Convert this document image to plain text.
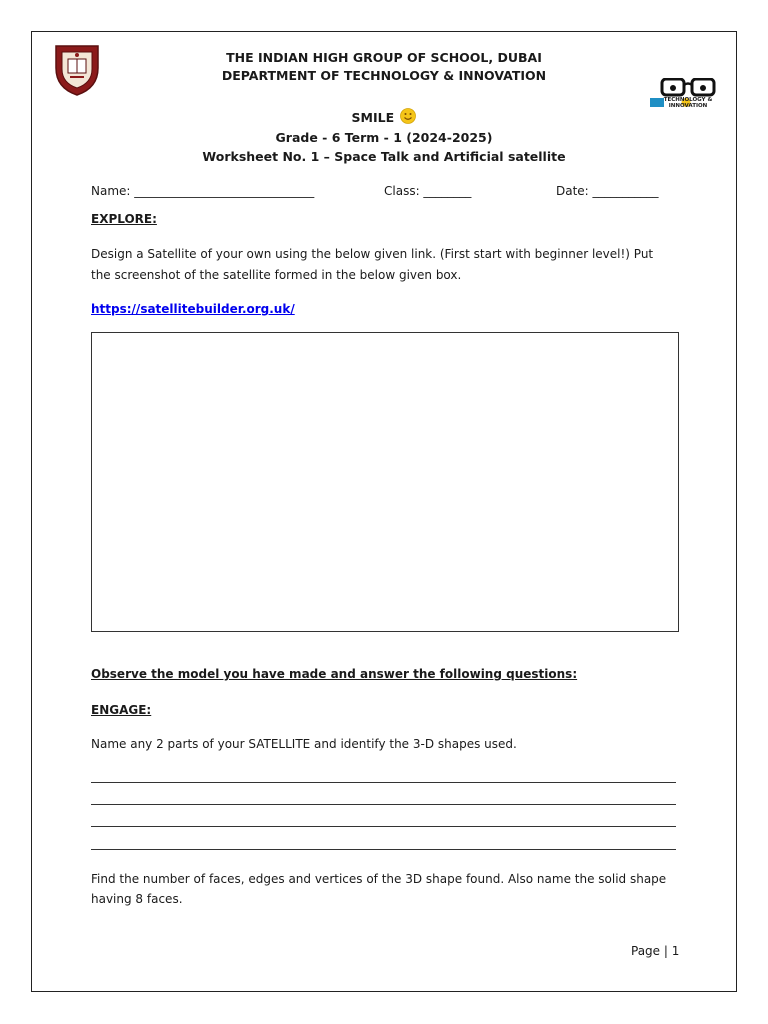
TECHNOLOGY & INNOVATION
THE INDIAN HIGH GROUP OF SCHOOL, DUBAI
DEPARTMENT OF TECHNOLOGY & INNOVATION
SMILE
Grade - 6 Term - 1 (2024-2025)
Worksheet No. 1 – Space Talk and Artificial satellite
Name: ______________________________	Class: ________	Date: ___________
EXPLORE:
Design a Satellite of your own using the below given link. (First start with beginner level!) Put
the screenshot of the satellite formed in the below given box.
https://satellitebuilder.org.uk/
Observe the model you have made and answer the following questions:
ENGAGE:
Name any 2 parts of your SATELLITE and identify the 3-D shapes used.
Find the number of faces, edges and vertices of the 3D shape found. Also name the solid shape
having 8 faces.
Page | 1
